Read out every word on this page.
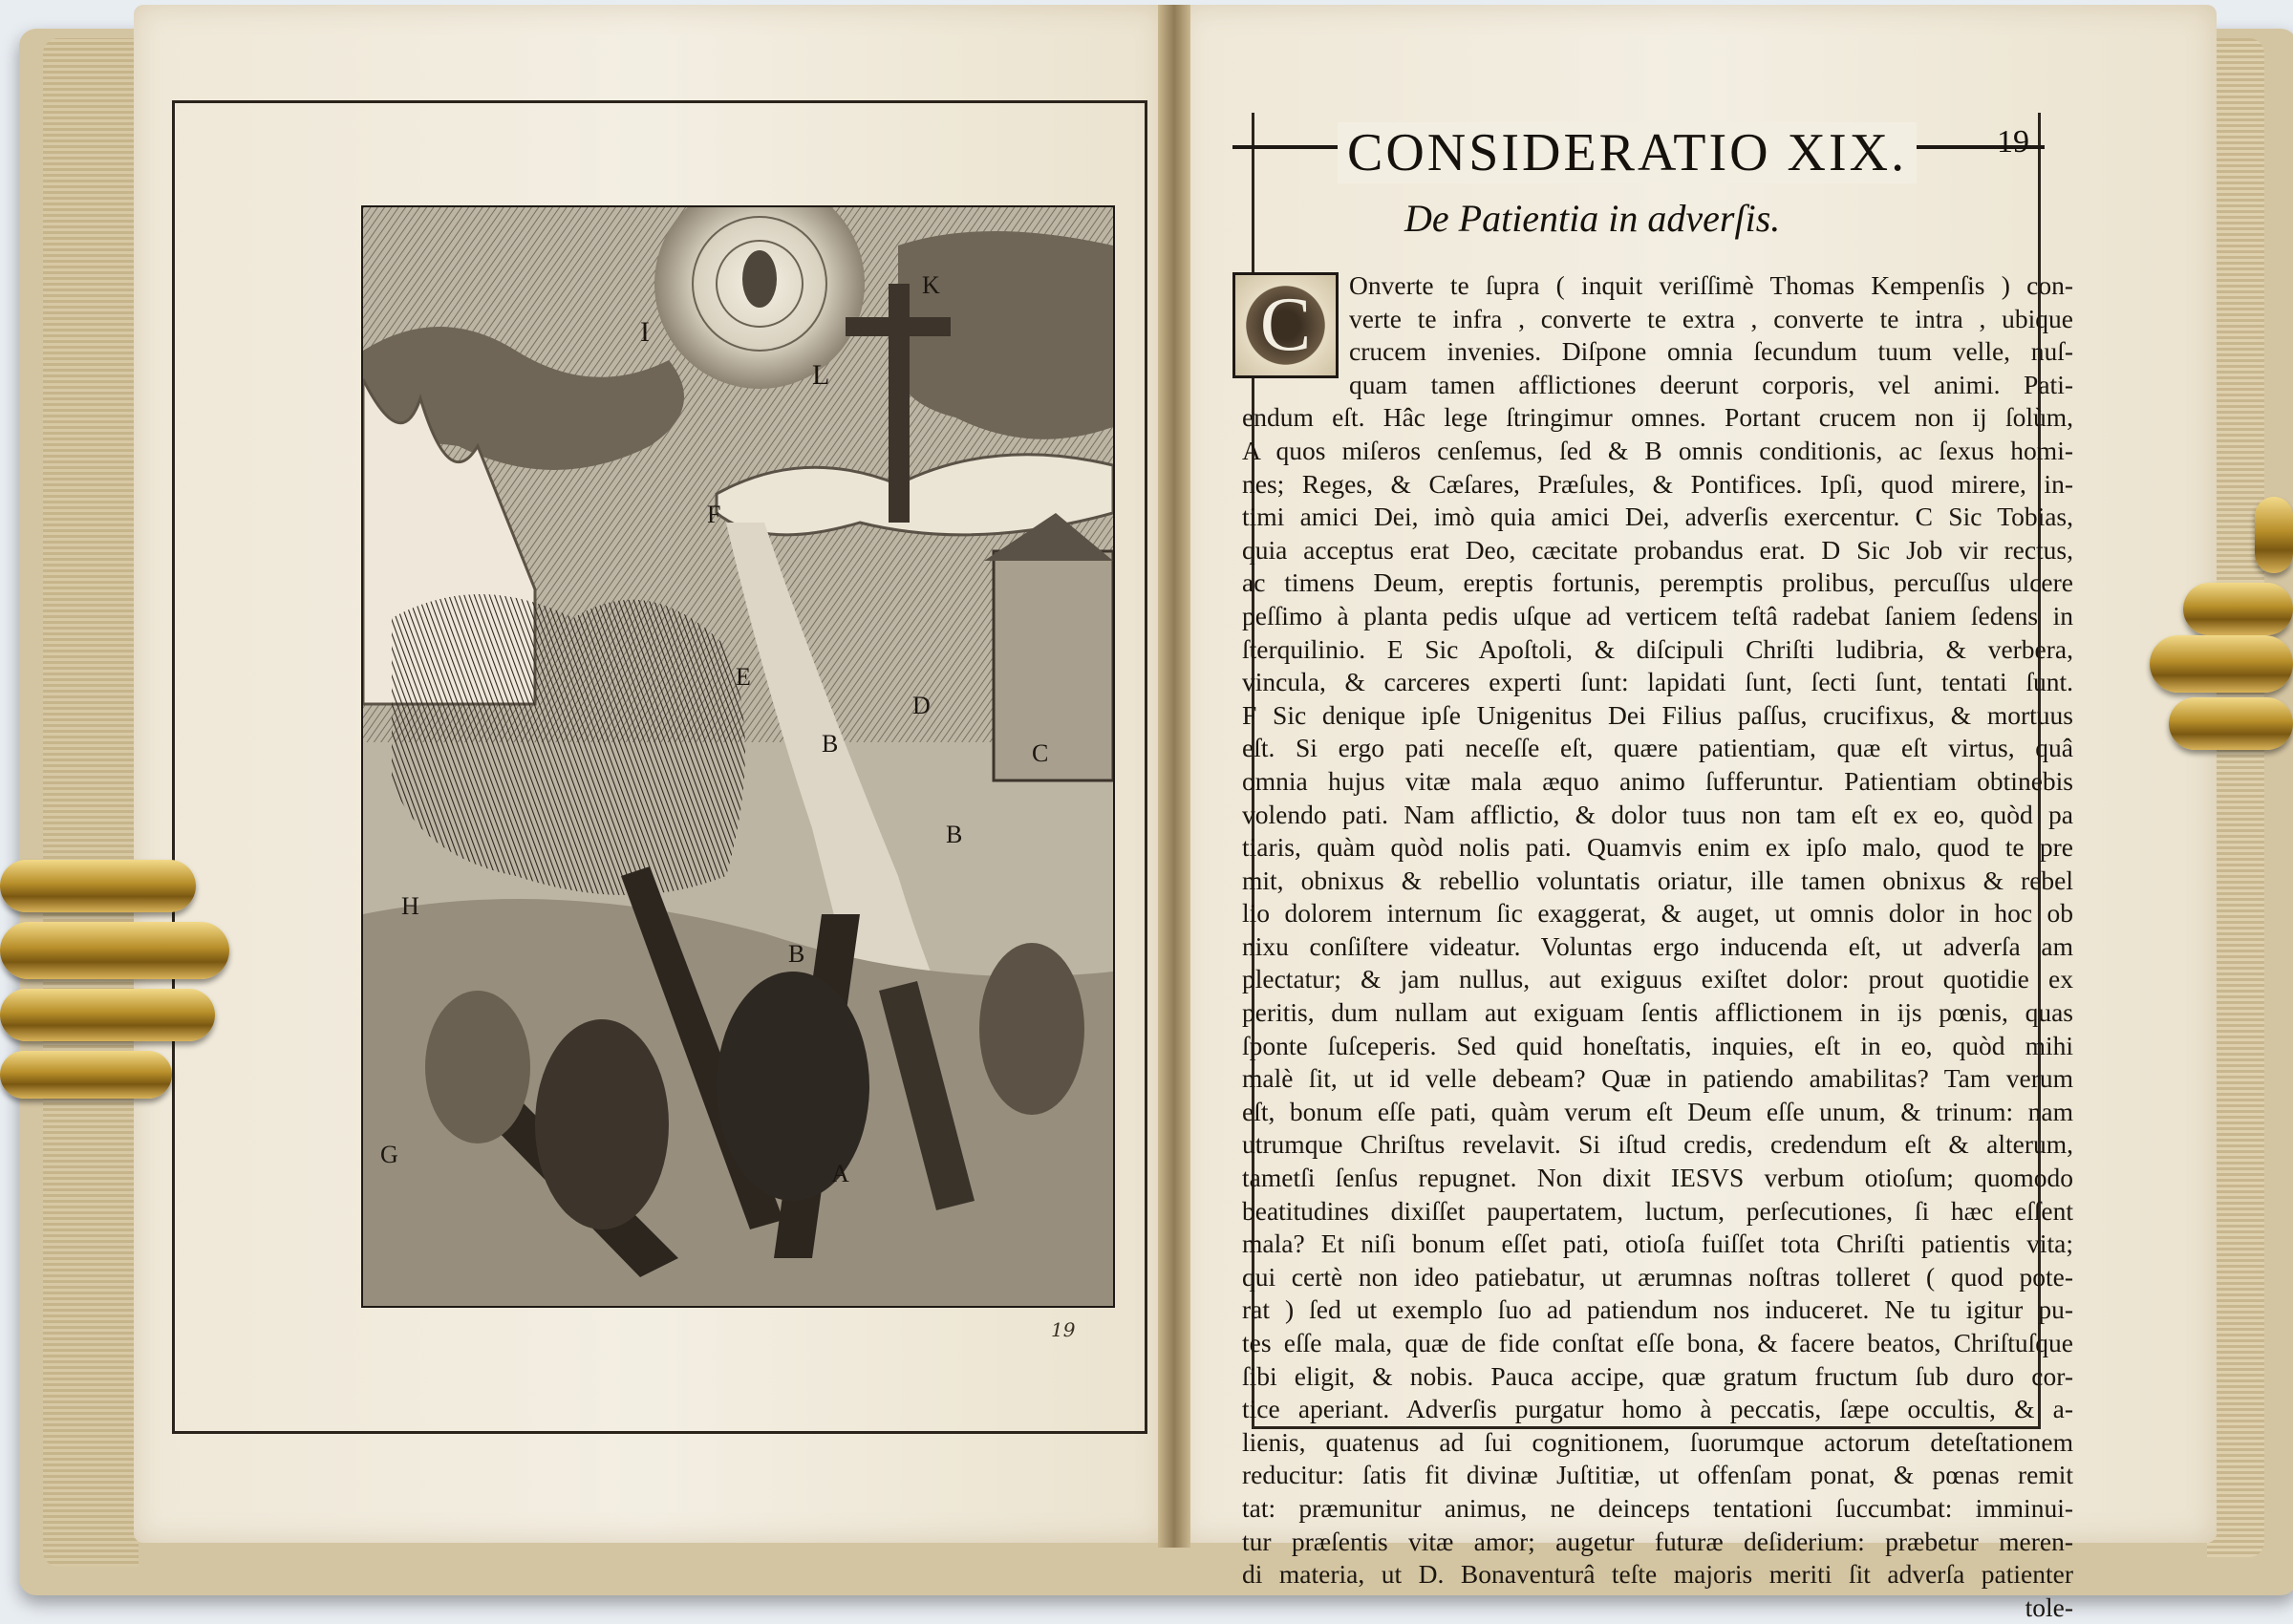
I
K
L
F
E
D
C
B
B
B
H
G
A
19
CONSIDERATIO XIX.	19
De Patientia in adverſis.
C	Onverte te ſupra ( inquit veriſſimè Thomas Kempenſis ) con-
verte te infra , converte te extra , converte te intra , ubique
crucem invenies. Diſpone omnia ſecundum tuum velle, nuſ-
quam tamen afflictiones deerunt corporis, vel animi. Pati-
endum eſt. Hâc lege ſtringimur omnes. Portant crucem non ij ſolùm,
A quos miſeros cenſemus, ſed & B omnis conditionis, ac ſexus homi-
nes; Reges, & Cæſares, Præſules, & Pontifices. Ipſi, quod mirere, in-
timi amici Dei, imò quia amici Dei, adverſis exercentur. C Sic Tobias,
quia acceptus erat Deo, cæcitate probandus erat. D Sic Job vir rectus,
ac timens Deum, ereptis fortunis, peremptis prolibus, percuſſus ulcere
peſſimo à planta pedis uſque ad verticem teſtâ radebat ſaniem ſedens in
ſterquilinio. E Sic Apoſtoli, & diſcipuli Chriſti ludibria, & verbera,
vincula, & carceres experti ſunt: lapidati ſunt, ſecti ſunt, tentati ſunt.
F Sic denique ipſe Unigenitus Dei Filius paſſus, crucifixus, & mortuus
eſt. Si ergo pati neceſſe eſt, quære patientiam, quæ eſt virtus, quâ
omnia hujus vitæ mala æquo animo ſufferuntur. Patientiam obtinebis
volendo pati. Nam afflictio, & dolor tuus non tam eſt ex eo, quòd pa
tiaris, quàm quòd nolis pati. Quamvis enim ex ipſo malo, quod te pre
mit, obnixus & rebellio voluntatis oriatur, ille tamen obnixus & rebel
lio dolorem internum ſic exaggerat, & auget, ut omnis dolor in hoc ob
nixu conſiſtere videatur. Voluntas ergo inducenda eſt, ut adverſa am
plectatur; & jam nullus, aut exiguus exiſtet dolor: prout quotidie ex
peritis, dum nullam aut exiguam ſentis afflictionem in ijs pœnis, quas
ſponte ſuſceperis. Sed quid honeſtatis, inquies, eſt in eo, quòd mihi
malè ſit, ut id velle debeam? Quæ in patiendo amabilitas? Tam verum
eſt, bonum eſſe pati, quàm verum eſt Deum eſſe unum, & trinum: nam
utrumque Chriſtus revelavit. Si iſtud credis, credendum eſt & alterum,
tametſi ſenſus repugnet. Non dixit IESVS verbum otioſum; quomodo
beatitudines dixiſſet paupertatem, luctum, perſecutiones, ſi hæc eſſent
mala? Et niſi bonum eſſet pati, otioſa fuiſſet tota Chriſti patientis vita;
qui certè non ideo patiebatur, ut ærumnas noſtras tolleret ( quod pote-
rat ) ſed ut exemplo ſuo ad patiendum nos induceret. Ne tu igitur pu-
tes eſſe mala, quæ de fide conſtat eſſe bona, & facere beatos, Chriſtuſque
ſibi eligit, & nobis. Pauca accipe, quæ gratum fructum ſub duro cor-
tice aperiant. Adverſis purgatur homo à peccatis, ſæpe occultis, & a-
lienis, quatenus ad ſui cognitionem, ſuorumque actorum deteſtationem
reducitur: ſatis fit divinæ Juſtitiæ, ut offenſam ponat, & pœnas remit
tat: præmunitur animus, ne deinceps tentationi ſuccumbat: imminui-
tur præſentis vitæ amor; augetur futuræ deſiderium: præbetur meren-
di materia, ut D. Bonaventurâ teſte majoris meriti ſit adverſa patienter
tole-
